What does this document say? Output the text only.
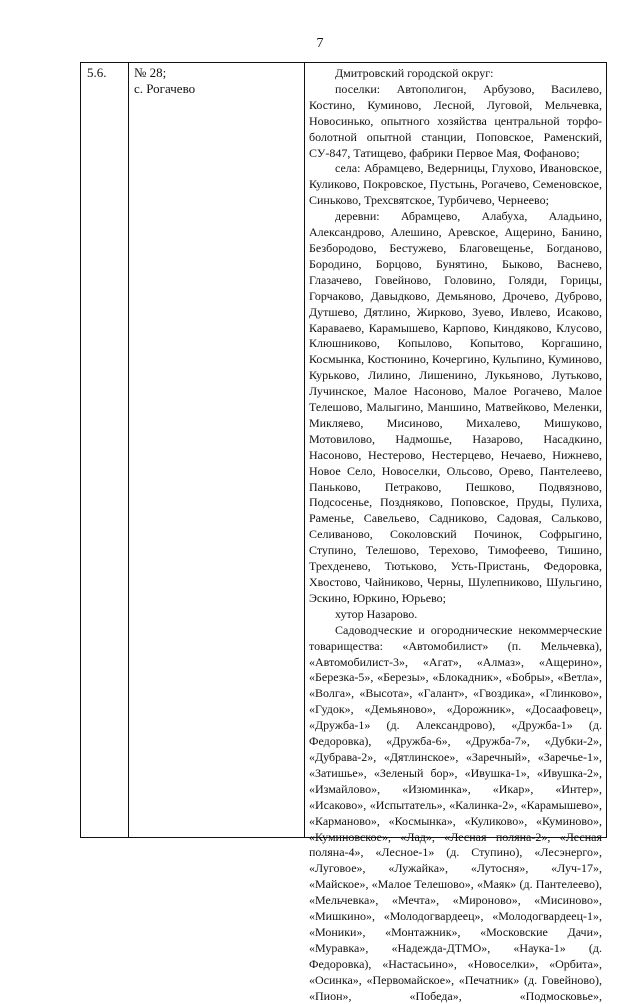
7
5.6.	№ 28;
с. Рогачево

Дмитровский городской округ:

поселки: Автополигон, Арбузово, Василево, Костино, Куминово, Лесной, Луговой, Мельчевка, Новосинько, опытного хозяйства центральной торфо-болотной опытной станции, Поповское, Раменский, СУ-847, Татищево, фабрики Первое Мая, Фофаново;

села: Абрамцево, Ведерницы, Глухово, Ивановское, Куликово, Покровское, Пустынь, Рогачево, Семеновское, Синьково, Трехсвятское, Турбичево, Чернеево;

деревни: Абрамцево, Алабуха, Аладьино, Александрово, Алешино, Аревское, Ащерино, Банино, Безбородово, Бестужево, Благовещенье, Богданово, Бородино, Борцово, Бунятино, Быково, Васнево, Глазачево, Говейново, Головино, Голяди, Горицы, Горчаково, Давыдково, Демьяново, Дрочево, Дуброво, Дутшево, Дятлино, Жирково, Зуево, Ивлево, Исаково, Караваево, Карамышево, Карпово, Киндяково, Клусово, Клюшниково, Копылово, Копытово, Коргашино, Космынка, Костюнино, Кочергино, Кульпино, Куминово, Курьково, Лилино, Лишенино, Лукьяново, Лутьково, Лучинское, Малое Насоново, Малое Рогачево, Малое Телешово, Малыгино, Маншино, Матвейково, Меленки, Микляево, Мисиново, Михалево, Мишуково, Мотовилово, Надмошье, Назарово, Насадкино, Насоново, Нестерово, Нестерцево, Нечаево, Нижнево, Новое Село, Новоселки, Ольсово, Орево, Пантелеево, Паньково, Петраково, Пешково, Подвязново, Подсосенье, Поздняково, Поповское, Пруды, Пулиха, Раменье, Савельево, Садниково, Садовая, Сальково, Селиваново, Соколовский Починок, Софрыгино, Ступино, Телешово, Терехово, Тимофеево, Тишино, Трехденево, Тютьково, Усть-Пристань, Федоровка, Хвостово, Чайниково, Черны, Шулепниково, Шульгино, Эскино, Юркино, Юрьево;

хутор Назарово.

Садоводческие и огороднические некоммерческие товарищества: «Автомобилист» (п. Мельчевка), «Автомобилист-3», «Агат», «Алмаз», «Ащерино», «Березка-5», «Березы», «Блокадник», «Бобры», «Ветла», «Волга», «Высота», «Галант», «Гвоздика», «Глинково», «Гудок», «Демьяново», «Дорожник», «Досаафовец», «Дружба-1» (д. Александрово), «Дружба-1» (д. Федоровка), «Дружба-6», «Дружба-7», «Дубки-2», «Дубрава-2», «Дятлинское», «Заречный», «Заречье-1», «Затишье», «Зеленый бор», «Ивушка-1», «Ивушка-2», «Измайлово», «Изюминка», «Икар», «Интер», «Исаково», «Испытатель», «Калинка-2», «Карамышево», «Карманово», «Космынка», «Куликово», «Куминово», «Куминовское», «Лад», «Лесная поляна-2», «Лесная поляна-4», «Лесное-1» (д. Ступино), «Лесэнерго», «Луговое», «Лужайка», «Лутосня», «Луч-17», «Майское», «Малое Телешово», «Маяк» (д. Пантелеево), «Мельчевка», «Мечта», «Мироново», «Мисиново», «Мишкино», «Молодогвардеец», «Молодогвардеец-1», «Моники», «Монтажник», «Московские Дачи», «Муравка», «Надежда-ДТМО», «Наука-1» (д. Федоровка), «Настасьино», «Новоселки», «Орбита», «Осинка», «Первомайское», «Печатник» (д. Говейново), «Пион», «Победа», «Подмосковье»,
